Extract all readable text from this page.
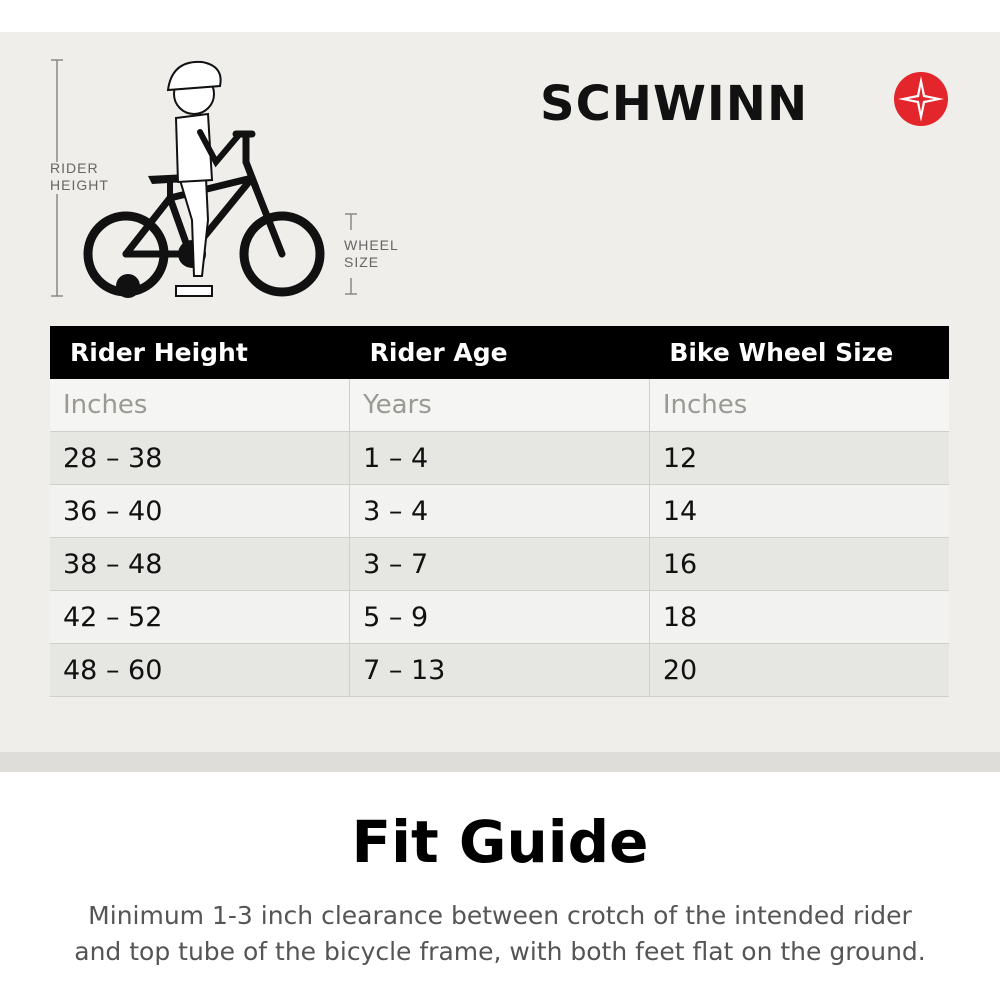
RIDER
HEIGHT
WHEEL
SIZE
SCHWINN
Rider Height	Rider Age	Bike Wheel Size
Inches	Years	Inches
28 – 38	1 – 4	12
36 – 40	3 – 4	14
38 – 48	3 – 7	16
42 – 52	5 – 9	18
48 – 60	7 – 13	20
Fit Guide
Minimum 1-3 inch clearance between crotch of the intended rider
and top tube of the bicycle frame, with both feet flat on the ground.
